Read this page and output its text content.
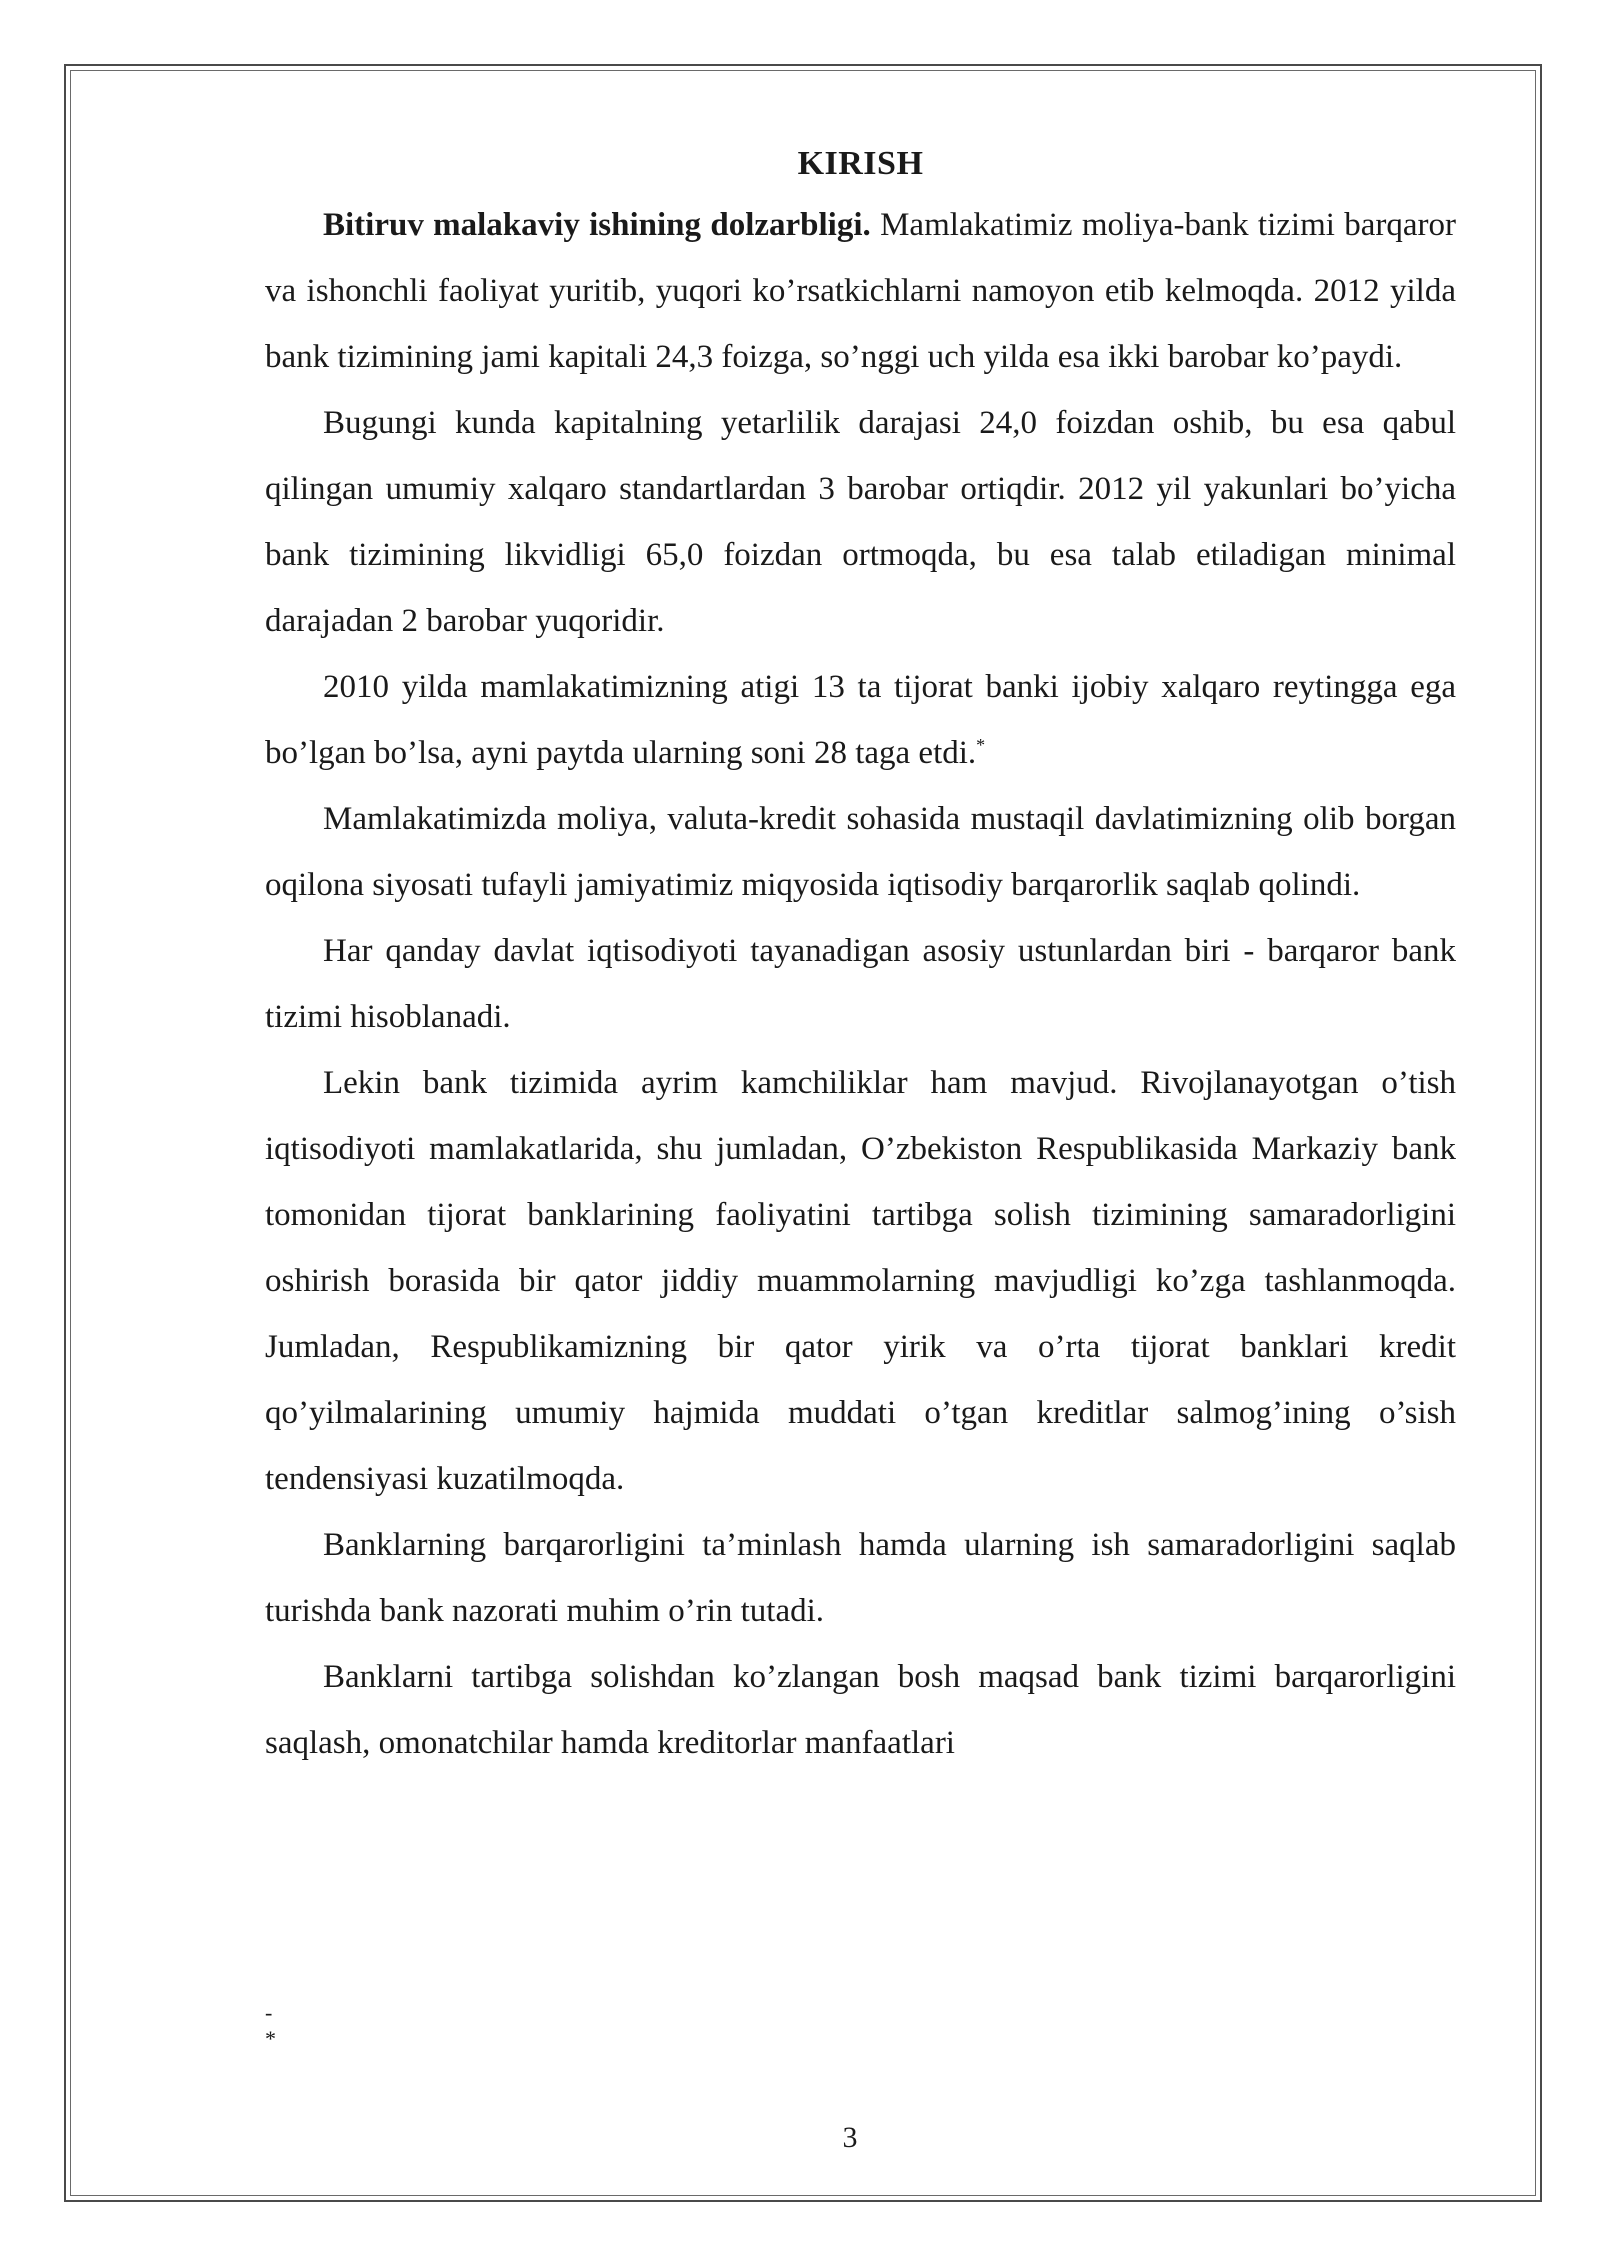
KIRISH

Bitiruv malakaviy ishining dolzarbligi. Mamlakatimiz moliya-bank tizimi barqaror va ishonchli faoliyat yuritib, yuqori ko’rsatkichlarni namoyon etib kelmoqda. 2012 yilda bank tizimining jami kapitali 24,3 foizga, so’nggi uch yilda esa ikki barobar ko’paydi.

Bugungi kunda kapitalning yetarlilik darajasi 24,0 foizdan oshib, bu esa qabul qilingan umumiy xalqaro standartlardan 3 barobar ortiqdir. 2012 yil yakunlari bo’yicha bank tizimining likvidligi 65,0 foizdan ortmoqda, bu esa talab etiladigan minimal darajadan 2 barobar yuqoridir.

2010 yilda mamlakatimizning atigi 13 ta tijorat banki ijobiy xalqaro reytingga ega bo’lgan bo’lsa, ayni paytda ularning soni 28 taga etdi.*

Mamlakatimizda moliya, valuta-kredit sohasida mustaqil davlatimizning olib borgan oqilona siyosati tufayli jamiyatimiz miqyosida iqtisodiy barqarorlik saqlab qolindi.

Har qanday davlat iqtisodiyoti tayanadigan asosiy ustunlardan biri - barqaror bank tizimi hisoblanadi.

Lekin bank tizimida ayrim kamchiliklar ham mavjud. Rivojlanayotgan o’tish iqtisodiyoti mamlakatlarida, shu jumladan, O’zbekiston Respublikasida Markaziy bank tomonidan tijorat banklarining faoliyatini tartibga solish tizimining samaradorligini oshirish borasida bir qator jiddiy muammolarning mavjudligi ko’zga tashlanmoqda. Jumladan, Respublikamizning bir qator yirik va o’rta tijorat banklari kredit qo’yilmalarining umumiy hajmida muddati o’tgan kreditlar salmog’ining o’sish tendensiyasi kuzatilmoqda.

Banklarning barqarorligini ta’minlash hamda ularning ish samaradorligini saqlab turishda bank nazorati muhim o’rin tutadi.

Banklarni tartibga solishdan ko’zlangan bosh maqsad bank tizimi barqarorligini saqlash, omonatchilar hamda kreditorlar manfaatlari

-
*
3
